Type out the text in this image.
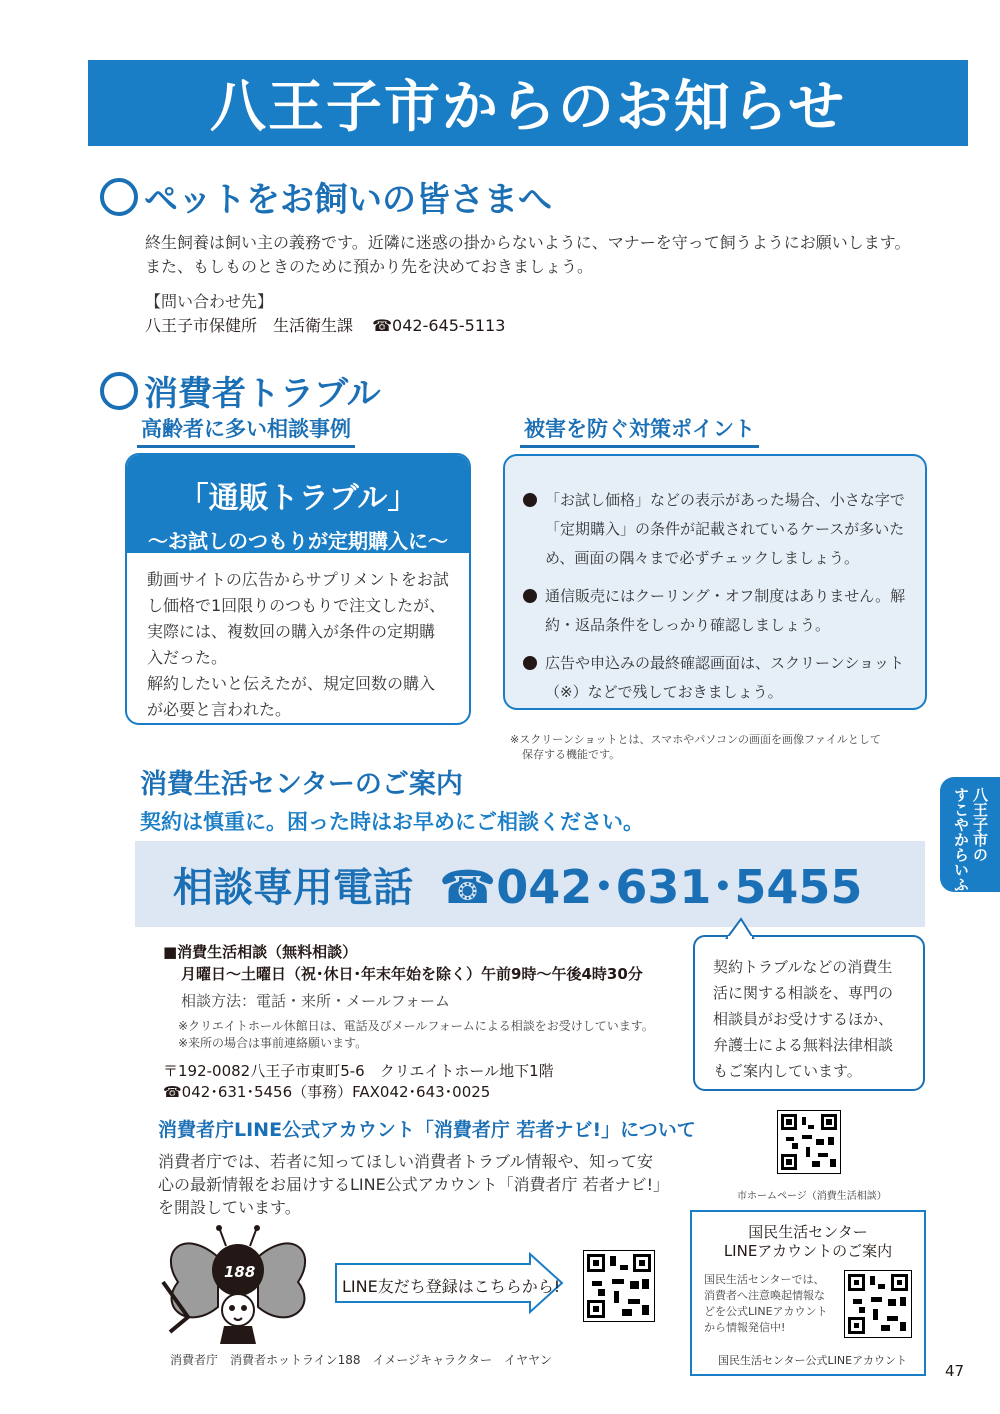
八王子市からのお知らせ
ペットをお飼いの皆さまへ
終生飼養は飼い主の義務です。近隣に迷惑の掛からないように、マナーを守って飼うようにお願いします。
また、もしものときのために預かり先を決めておきましょう。
【問い合わせ先】
八王子市保健所　生活衛生課 ☎042-645-5113
消費者トラブル
高齢者に多い相談事例	被害を防ぐ対策ポイント
「通販トラブル」
～お試しのつもりが定期購入に～
動画サイトの広告からサプリメントをお試し価格で1回限りのつもりで注文したが、実際には、複数回の購入が条件の定期購入だった。
解約したいと伝えたが、規定回数の購入が必要と言われた。
「お試し価格」などの表示があった場合、小さな字で「定期購入」の条件が記載されているケースが多いため、画面の隅々まで必ずチェックしましょう。
通信販売にはクーリング・オフ制度はありません。解約・返品条件をしっかり確認しましょう。
広告や申込みの最終確認画面は、スクリーンショット（※）などで残しておきましょう。
※スクリーンショットとは、スマホやパソコンの画面を画像ファイルとして
保存する機能です。
消費生活センターのご案内
契約は慎重に。困った時はお早めにご相談ください。
相談専用電話 ☎042･631･5455
■消費生活相談（無料相談）
月曜日～土曜日（祝･休日･年末年始を除く）午前9時～午後4時30分
相談方法：電話・来所・メールフォーム
※クリエイトホール休館日は、電話及びメールフォームによる相談をお受けしています。
※来所の場合は事前連絡願います。
〒192-0082八王子市東町5-6　クリエイトホール地下1階
☎042･631･5456（事務）FAX042･643･0025
契約トラブルなどの消費生活に関する相談を、専門の相談員がお受けするほか、弁護士による無料法律相談もご案内しています。
市ホームページ（消費生活相談）
消費者庁LINE公式アカウント「消費者庁 若者ナビ!」について
消費者庁では、若者に知ってほしい消費者トラブル情報や、知って安心の最新情報をお届けするLINE公式アカウント「消費者庁 若者ナビ!」を開設しています。
188
LINE友だち登録はこちらから!
消費者庁　消費者ホットライン188　イメージキャラクター　イヤヤン
国民生活センター
LINEアカウントのご案内
国民生活センターでは、消費者へ注意喚起情報などを公式LINEアカウントから情報発信中!
国民生活センター公式LINEアカウント
八王子市の
すこやからいふ
47
